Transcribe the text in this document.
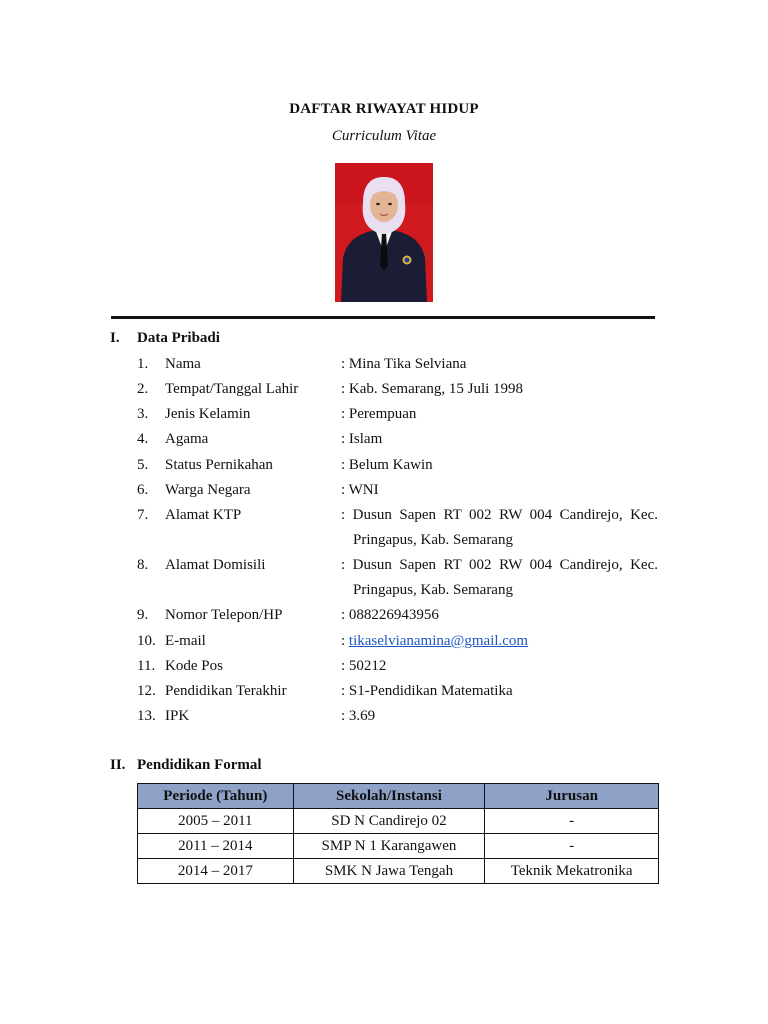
DAFTAR RIWAYAT HIDUP
Curriculum Vitae
I. Data Pribadi
1. Nama	: Mina Tika Selviana
2. Tempat/Tanggal Lahir	: Kab. Semarang, 15 Juli 1998
3. Jenis Kelamin	: Perempuan
4. Agama	: Islam
5. Status Pernikahan	: Belum Kawin
6. Warga Negara	: WNI
7. Alamat KTP	: Dusun Sapen RT 002 RW 004 Candirejo, Kec.
Pringapus, Kab. Semarang
8. Alamat Domisili	: Dusun Sapen RT 002 RW 004 Candirejo, Kec.
Pringapus, Kab. Semarang
9. Nomor Telepon/HP	: 088226943956
10. E-mail	: tikaselvianamina@gmail.com
11. Kode Pos	: 50212
12. Pendidikan Terakhir	: S1-Pendidikan Matematika
13. IPK	: 3.69
II. Pendidikan Formal
Periode (Tahun)	Sekolah/Instansi	Jurusan
2005 – 2011	SD N Candirejo 02	-
2011 – 2014	SMP N 1 Karangawen	-
2014 – 2017	SMK N Jawa Tengah	Teknik Mekatronika
